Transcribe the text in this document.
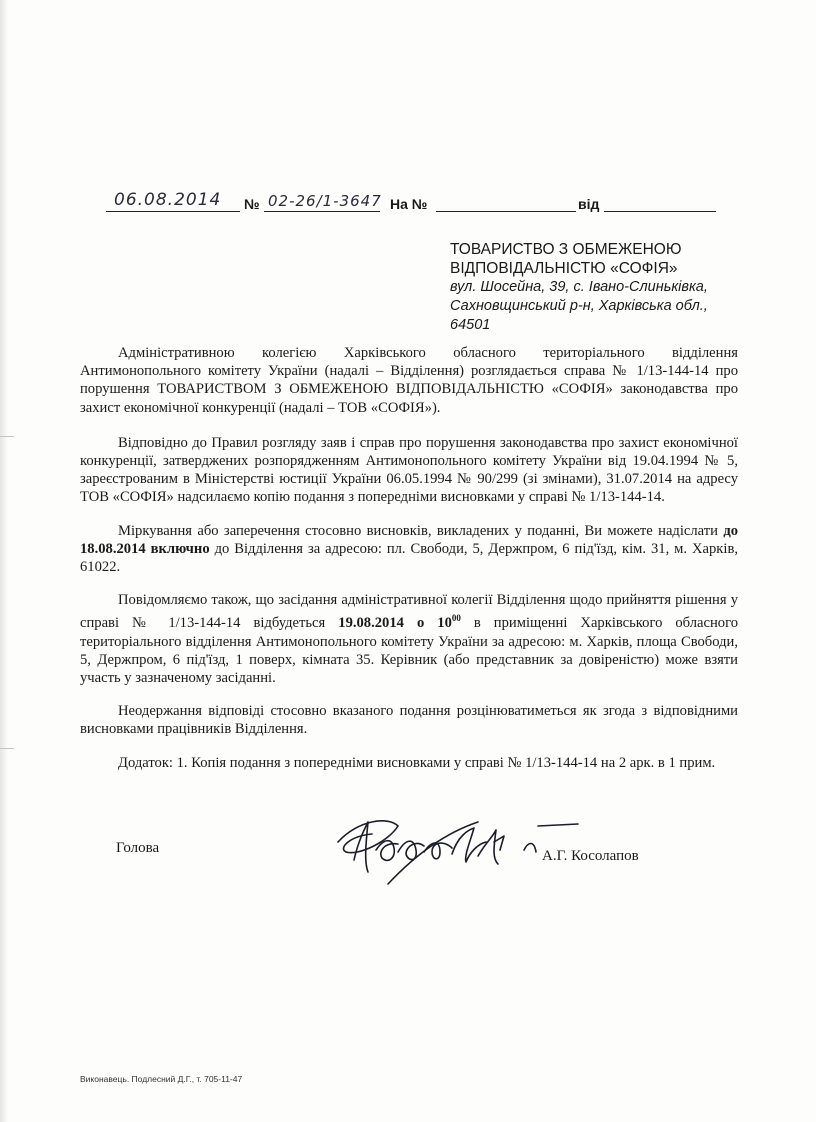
06.08.2014 № 02-26/1-3647 На №	від
ТОВАРИСТВО З ОБМЕЖЕНОЮ
ВІДПОВІДАЛЬНІСТЮ «СОФІЯ»
вул. Шосейна, 39, с. Івано-Слиньківка,
Сахновщинський р-н, Харківська обл.,
64501

Адміністративною колегією Харківського обласного територіального відділення Антимонопольного комітету України (надалі – Відділення) розглядається справа № 1/13-144-14 про порушення ТОВАРИСТВОМ З ОБМЕЖЕНОЮ ВІДПОВІДАЛЬНІСТЮ «СОФІЯ» законодавства про захист економічної конкуренції (надалі – ТОВ «СОФІЯ»).

Відповідно до Правил розгляду заяв і справ про порушення законодавства про захист економічної конкуренції, затверджених розпорядженням Антимонопольного комітету України від 19.04.1994 № 5, зареєстрованим в Міністерстві юстиції України 06.05.1994 № 90/299 (зі змінами), 31.07.2014 на адресу ТОВ «СОФІЯ» надсилаємо копію подання з попередніми висновками у справі № 1/13-144-14.

Міркування або заперечення стосовно висновків, викладених у поданні, Ви можете надіслати до 18.08.2014 включно до Відділення за адресою: пл. Свободи, 5, Держпром, 6 під'їзд, кім. 31, м. Харків, 61022.

Повідомляємо також, що засідання адміністративної колегії Відділення щодо прийняття рішення у справі № 1/13-144-14 відбудеться 19.08.2014 о $10^{00}$ в приміщенні Харківського обласного територіального відділення Антимонопольного комітету України за адресою: м. Харків, площа Свободи, 5, Держпром, 6 під'їзд, 1 поверх, кімната 35. Керівник (або представник за довіреністю) може взяти участь у зазначеному засіданні.

Неодержання відповіді стосовно вказаного подання розцінюватиметься як згода з відповідними висновками працівників Відділення.

Додаток: 1. Копія подання з попередніми висновками у справі № 1/13-144-14 на 2 арк. в 1 прим.

Голова	А.Г. Косолапов
Виконавець. Подлесний Д.Г., т. 705-11-47
